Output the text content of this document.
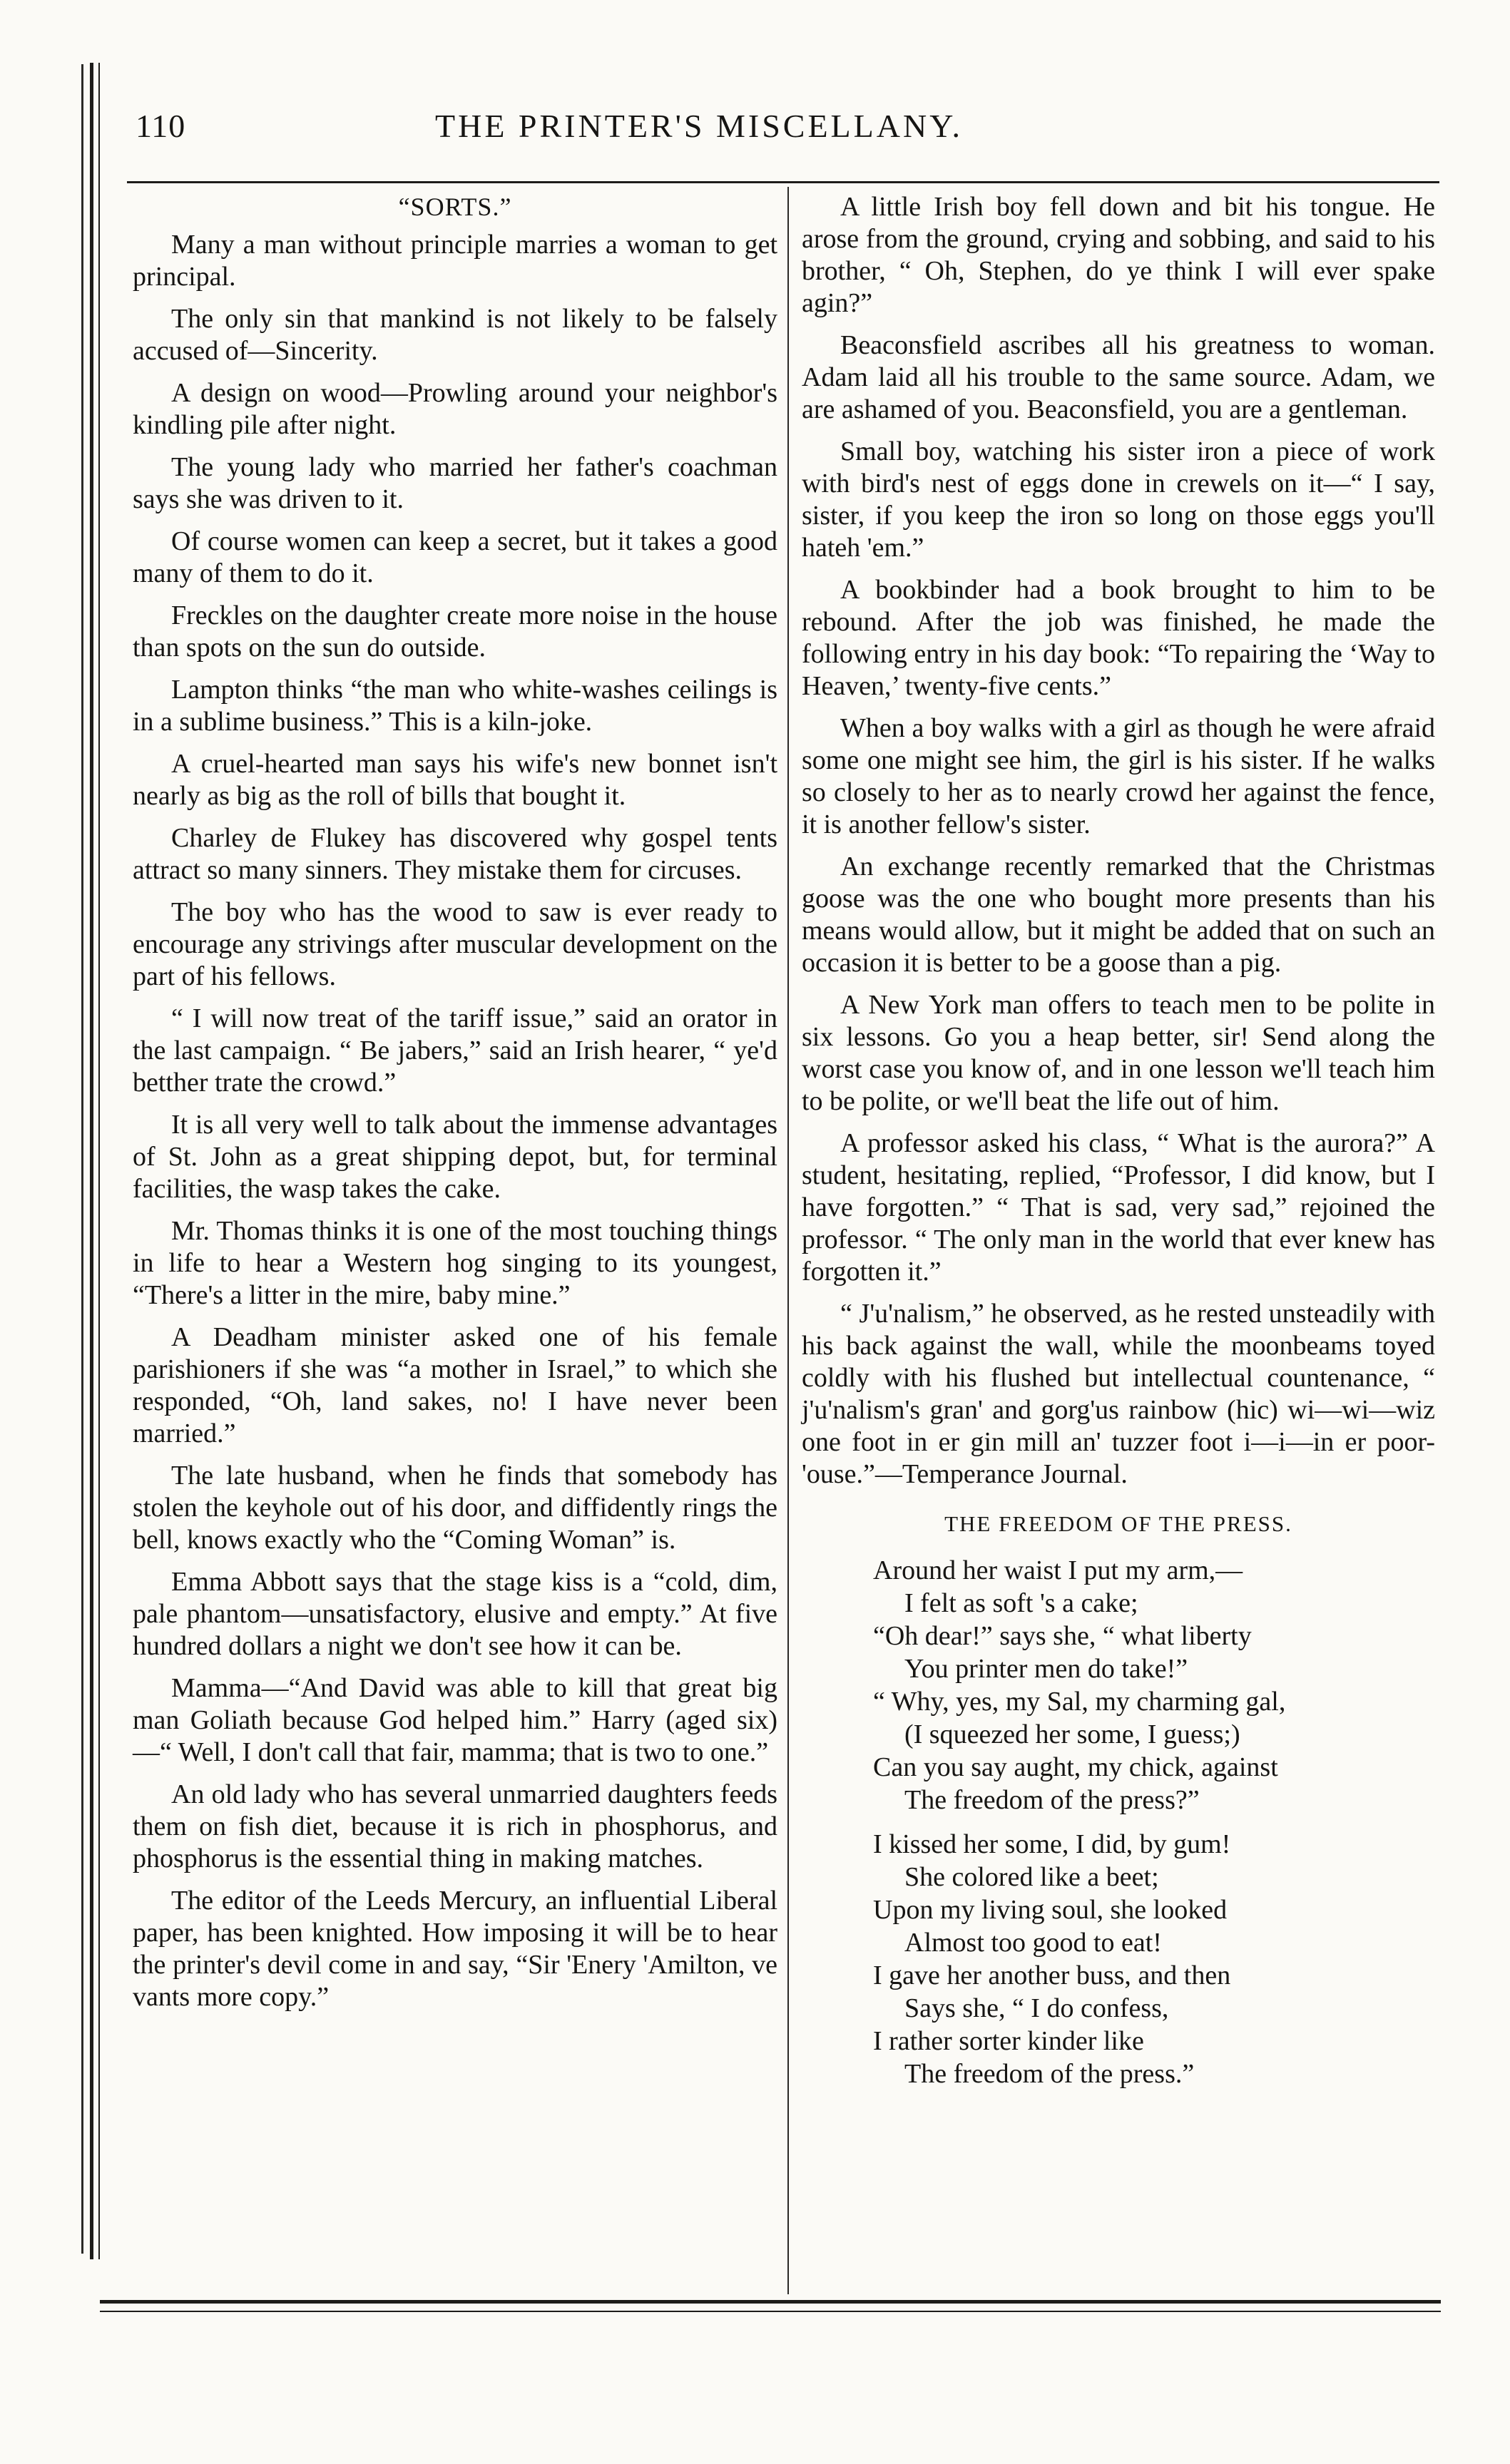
110	THE PRINTER'S MISCELLANY.
“SORTS.”

Many a man without principle marries a woman to get principal.

The only sin that mankind is not likely to be falsely accused of—Sincerity.

A design on wood—Prowling around your neighbor's kindling pile after night.

The young lady who married her father's coachman says she was driven to it.

Of course women can keep a secret, but it takes a good many of them to do it.

Freckles on the daughter create more noise in the house than spots on the sun do outside.

Lampton thinks “the man who white-washes ceilings is in a sublime business.” This is a kiln-joke.

A cruel-hearted man says his wife's new bonnet isn't nearly as big as the roll of bills that bought it.

Charley de Flukey has discovered why gospel tents attract so many sinners. They mistake them for circuses.

The boy who has the wood to saw is ever ready to encourage any strivings after muscular development on the part of his fellows.

“ I will now treat of the tariff issue,” said an orator in the last campaign. “ Be jabers,” said an Irish hearer, “ ye'd betther trate the crowd.”

It is all very well to talk about the immense advantages of St. John as a great shipping depot, but, for terminal facilities, the wasp takes the cake.

Mr. Thomas thinks it is one of the most touching things in life to hear a Western hog singing to its youngest, “There's a litter in the mire, baby mine.”

A Deadham minister asked one of his female parishioners if she was “a mother in Israel,” to which she responded, “Oh, land sakes, no! I have never been married.”

The late husband, when he finds that somebody has stolen the keyhole out of his door, and diffidently rings the bell, knows exactly who the “Coming Woman” is.

Emma Abbott says that the stage kiss is a “cold, dim, pale phantom—unsatisfactory, elusive and empty.” At five hundred dollars a night we don't see how it can be.

Mamma—“And David was able to kill that great big man Goliath because God helped him.” Harry (aged six)—“ Well, I don't call that fair, mamma; that is two to one.”

An old lady who has several unmarried daughters feeds them on fish diet, because it is rich in phosphorus, and phosphorus is the essential thing in making matches.

The editor of the Leeds Mercury, an influential Liberal paper, has been knighted. How imposing it will be to hear the printer's devil come in and say, “Sir 'Enery 'Amilton, ve vants more copy.”

A little Irish boy fell down and bit his tongue. He arose from the ground, crying and sobbing, and said to his brother, “ Oh, Stephen, do ye think I will ever spake agin?”

Beaconsfield ascribes all his greatness to woman. Adam laid all his trouble to the same source. Adam, we are ashamed of you. Beaconsfield, you are a gentleman.

Small boy, watching his sister iron a piece of work with bird's nest of eggs done in crewels on it—“ I say, sister, if you keep the iron so long on those eggs you'll hateh 'em.”

A bookbinder had a book brought to him to be rebound. After the job was finished, he made the following entry in his day book: “To repairing the ‘Way to Heaven,’ twenty-five cents.”

When a boy walks with a girl as though he were afraid some one might see him, the girl is his sister. If he walks so closely to her as to nearly crowd her against the fence, it is another fellow's sister.

An exchange recently remarked that the Christmas goose was the one who bought more presents than his means would allow, but it might be added that on such an occasion it is better to be a goose than a pig.

A New York man offers to teach men to be polite in six lessons. Go you a heap better, sir! Send along the worst case you know of, and in one lesson we'll teach him to be polite, or we'll beat the life out of him.

A professor asked his class, “ What is the aurora?” A student, hesitating, replied, “Professor, I did know, but I have forgotten.” “ That is sad, very sad,” rejoined the professor. “ The only man in the world that ever knew has forgotten it.”

“ J'u'nalism,” he observed, as he rested unsteadily with his back against the wall, while the moonbeams toyed coldly with his flushed but intellectual countenance, “ j'u'nalism's gran' and gorg'us rainbow (hic) wi—wi—wiz one foot in er gin mill an' tuzzer foot i—i—in er poor-'ouse.”—Temperance Journal.

THE FREEDOM OF THE PRESS.
Around her waist I put my arm,—
I felt as soft 's a cake;
“Oh dear!” says she, “ what liberty
You printer men do take!”
“ Why, yes, my Sal, my charming gal,
(I squeezed her some, I guess;)
Can you say aught, my chick, against
The freedom of the press?”
I kissed her some, I did, by gum!
She colored like a beet;
Upon my living soul, she looked
Almost too good to eat!
I gave her another buss, and then
Says she, “ I do confess,
I rather sorter kinder like
The freedom of the press.”
